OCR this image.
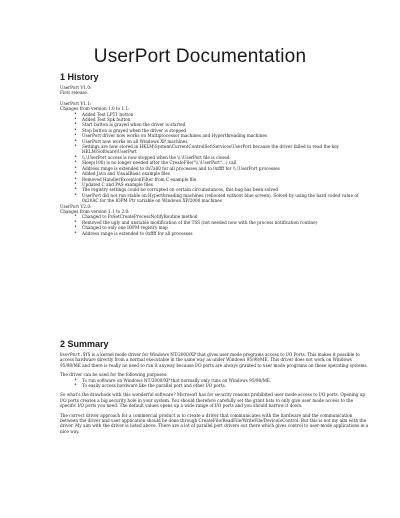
UserPort Documentation
1 History

UserPort V1.0:

First release.

UserPort V1.1:

Changes from version 1.0 to 1.1:

• Added Test LPT1 button
• Added Test Spk button
• Start button is grayed when the driver is started
• Stop button is grayed when the driver is stopped
• UserPort driver now works on Multiprocessor machines and Hyperthreading machines
• UserPort now works on all Windows XP machines
• Settings are now stored in HKLM\System\CurrentControlSet\Services\UserPort because the driver failed to read the key HKLM\Software\UserPort
• \\.\UserPort access is now stopped when the \\.\UserPort file is closed
• Sleep(100) is no longer needed after the CreateFile("\\.\UserPort"...) call
• Address range is extended to 0x7a00 for all processes and to 0xffff for \\.\UserPort processes
• Added Java and VisualBasic example files
• Removed HandlerExceptionFilter from C example file
• Updated C and PAS example files
• The registry settings could be corrupted on certain circumstances, this bug has been solved
• UserPort did not run stable on Hyperthreading machines (rebooted without blue screen). Solved by using the hard coded value of 0x20AC for the IOPM Ptr variable on Windows XP/2000 machines

UserPort V2.0:

Changes from version 1.1 to 2.0:

• Changed to PsSetCreateProcessNotifyRoutine method
• Removed the ugly and unstable modification of the TSS (not needed now with the process notification routine)
• Changed to only one IOPM registry map
• Address range is extended to 0xffff for all processes
2 Summary

UserPort.SYS is a kernel mode driver for Windows NT/2000/XP that gives user mode programs access to I/O Ports. This makes it possible to access hardware directly from a normal executable in the same way as under Windows 95/98/ME. This driver does not work on Windows 95/98/ME and there is really no need to run it anyway because I/O ports are always granted to user mode programs on these operating systems.

The driver can be used for the following purposes:

• To run software on Windows NT/2000/XP that normally only runs on Windows 95/98/ME.
• To easily access hardware like the parallel port and other I/O ports.

So what's the drawback with this wonderful software? Microsoft has for security reasons prohibited user mode access to I/O ports. Opening up I/O ports creates a big security hole in your system. You should therefore carefully set the grant lists to only give user mode access to the specific I/O ports you need. The default values opens up a wide range of I/O ports and you should narrow it down.

The correct driver approach for a commercial product is to create a driver that communicates with the hardware and the communication between the driver and user application should be done through CreateFile/ReadFile/WriteFile/DeviceIoControl. But this is not my aim with the driver. My aim with the driver is listed above. There are a lot of parallel port drivers out there which gives control to user-mode applications in a nice way.
